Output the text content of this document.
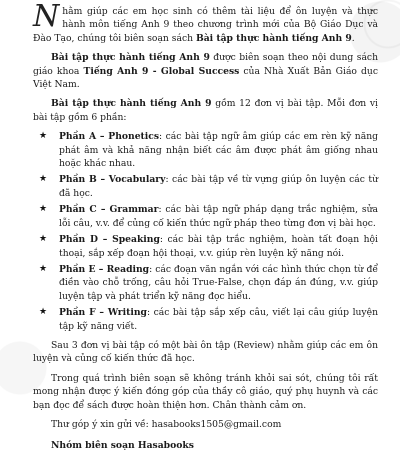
Nhằm giúp các em học sinh có thêm tài liệu để ôn luyện và thực hành môn tiếng Anh 9 theo chương trình mới của Bộ Giáo Dục và Đào Tạo, chúng tôi biên soạn sách Bài tập thực hành tiếng Anh 9.

Bài tập thực hành tiếng Anh 9 được biên soạn theo nội dung sách giáo khoa Tiếng Anh 9 - Global Success của Nhà Xuất Bản Giáo dục Việt Nam.

Bài tập thực hành tiếng Anh 9 gồm 12 đơn vị bài tập. Mỗi đơn vị bài tập gồm 6 phần:

★ Phần A – Phonetics: các bài tập ngữ âm giúp các em rèn kỹ năng phát âm và khả năng nhận biết các âm được phát âm giống nhau hoặc khác nhau.
★ Phần B – Vocabulary: các bài tập về từ vựng giúp ôn luyện các từ đã học.
★ Phần C – Grammar: các bài tập ngữ pháp dạng trắc nghiệm, sửa lỗi câu, v.v. để củng cố kiến thức ngữ pháp theo từng đơn vị bài học.
★ Phần D – Speaking: các bài tập trắc nghiệm, hoàn tất đoạn hội thoại, sắp xếp đoạn hội thoại, v.v. giúp rèn luyện kỹ năng nói.
★ Phần E – Reading: các đoạn văn ngắn với các hình thức chọn từ để điền vào chỗ trống, câu hỏi True-False, chọn đáp án đúng, v.v. giúp luyện tập và phát triển kỹ năng đọc hiểu.
★ Phần F – Writing: các bài tập sắp xếp câu, viết lại câu giúp luyện tập kỹ năng viết.

Sau 3 đơn vị bài tập có một bài ôn tập (Review) nhằm giúp các em ôn luyện và củng cố kiến thức đã học.

Trong quá trình biên soạn sẽ không tránh khỏi sai sót, chúng tôi rất mong nhận được ý kiến đóng góp của thầy cô giáo, quý phụ huynh và các bạn đọc để sách được hoàn thiện hơn. Chân thành cảm ơn.

Thư góp ý xin gửi về: hasabooks1505@gmail.com

Nhóm biên soạn Hasabooks
